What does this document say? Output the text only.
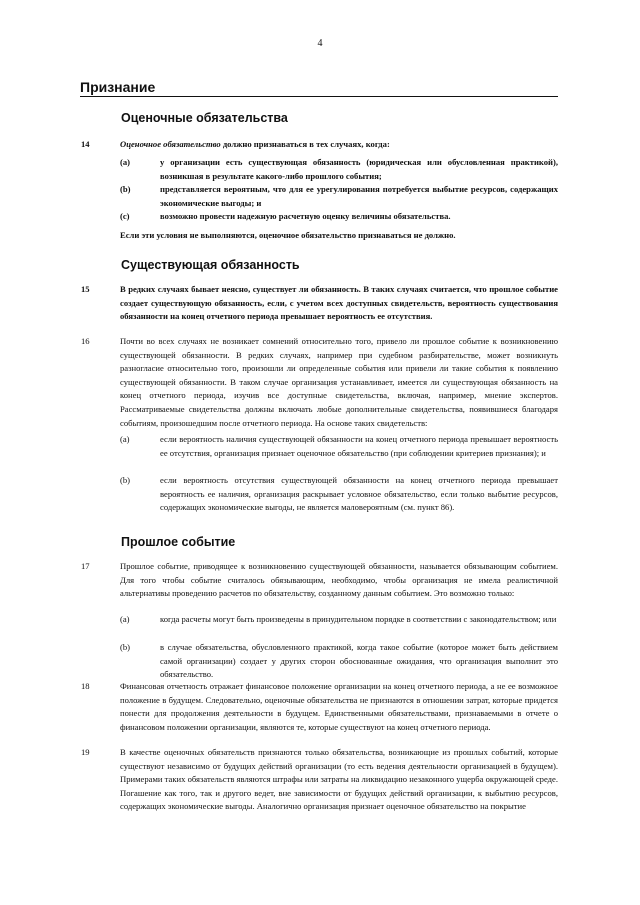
4
Признание
Оценочные обязательства
14	Оценочное обязательство должно признаваться в тех случаях, когда:
(a)	у организации есть существующая обязанность (юридическая или обусловленная практикой), возникшая в результате какого-либо прошлого события;
(b)	представляется вероятным, что для ее урегулирования потребуется выбытие ресурсов, содержащих экономические выгоды; и
(c)	возможно провести надежную расчетную оценку величины обязательства.
Если эти условия не выполняются, оценочное обязательство признаваться не должно.
Существующая обязанность
15	В редких случаях бывает неясно, существует ли обязанность. В таких случаях считается, что прошлое событие создает существующую обязанность, если, с учетом всех доступных свидетельств, вероятность существования обязанности на конец отчетного периода превышает вероятность ее отсутствия.
16	Почти во всех случаях не возникает сомнений относительно того, привело ли прошлое событие к возникновению существующей обязанности. В редких случаях, например при судебном разбирательстве, может возникнуть разногласие относительно того, произошли ли определенные события или привели ли такие события к появлению существующей обязанности. В таком случае организация устанавливает, имеется ли существующая обязанность на конец отчетного периода, изучив все доступные свидетельства, включая, например, мнение экспертов. Рассматриваемые свидетельства должны включать любые дополнительные свидетельства, появившиеся благодаря событиям, произошедшим после отчетного периода. На основе таких свидетельств:
(a)	если вероятность наличия существующей обязанности на конец отчетного периода превышает вероятность ее отсутствия, организация признает оценочное обязательство (при соблюдении критериев признания); и
(b)	если вероятность отсутствия существующей обязанности на конец отчетного периода превышает вероятность ее наличия, организация раскрывает условное обязательство, если только выбытие ресурсов, содержащих экономические выгоды, не является маловероятным (см. пункт 86).
Прошлое событие
17	Прошлое событие, приводящее к возникновению существующей обязанности, называется обязывающим событием. Для того чтобы событие считалось обязывающим, необходимо, чтобы организация не имела реалистичной альтернативы проведению расчетов по обязательству, созданному данным событием. Это возможно только:
(a)	когда расчеты могут быть произведены в принудительном порядке в соответствии с законодательством; или
(b)	в случае обязательства, обусловленного практикой, когда такое событие (которое может быть действием самой организации) создает у других сторон обоснованные ожидания, что организация выполнит это обязательство.
18	Финансовая отчетность отражает финансовое положение организации на конец отчетного периода, а не ее возможное положение в будущем. Следовательно, оценочные обязательства не признаются в отношении затрат, которые придется понести для продолжения деятельности в будущем. Единственными обязательствами, признаваемыми в отчете о финансовом положении организации, являются те, которые существуют на конец отчетного периода.
19	В качестве оценочных обязательств признаются только обязательства, возникающие из прошлых событий, которые существуют независимо от будущих действий организации (то есть ведения деятельности организацией в будущем). Примерами таких обязательств являются штрафы или затраты на ликвидацию незаконного ущерба окружающей среде. Погашение как того, так и другого ведет, вне зависимости от будущих действий организации, к выбытию ресурсов, содержащих экономические выгоды. Аналогично организация признает оценочное обязательство на покрытие
